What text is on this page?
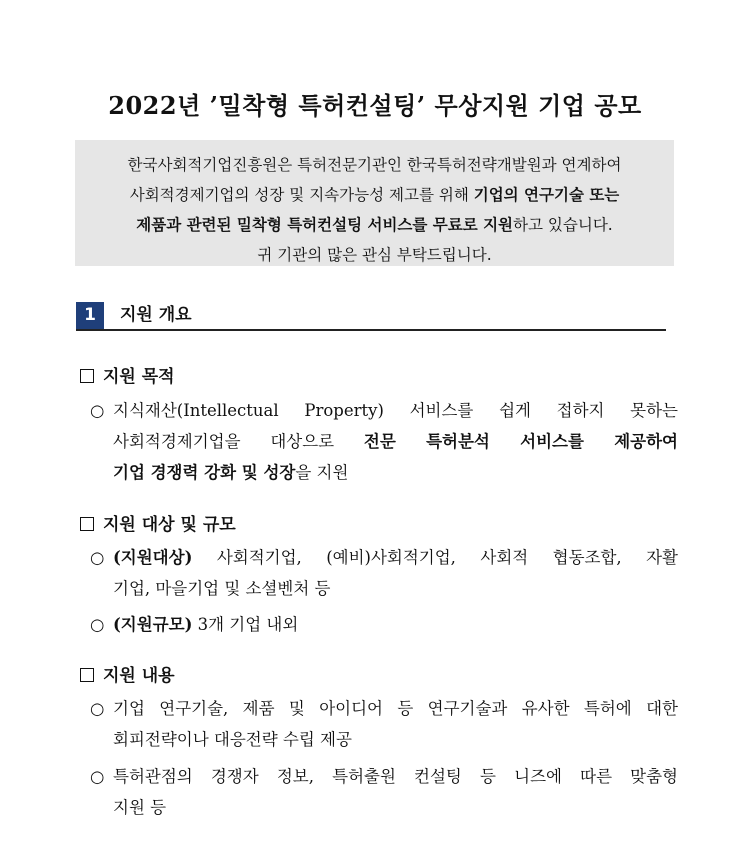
2022년 ’밀착형 특허컨설팅’ 무상지원 기업 공모

한국사회적기업진흥원은 특허전문기관인 한국특허전략개발원과 연계하여

사회적경제기업의 성장 및 지속가능성 제고를 위해 기업의 연구기술 또는

제품과 관련된 밀착형 특허컨설팅 서비스를 무료로 지원하고 있습니다.

귀 기관의 많은 관심 부탁드립니다.

1	지원 개요
지원 목적
○ 지식재산(Intellectual Property) 서비스를 쉽게 접하지 못하는
사회적경제기업을 대상으로 전문 특허분석 서비스를 제공하여
기업 경쟁력 강화 및 성장을 지원
지원 대상 및 규모
○ (지원대상) 사회적기업, (예비)사회적기업, 사회적 협동조합, 자활
기업, 마을기업 및 소셜벤처 등
○ (지원규모) 3개 기업 내외
지원 내용
○ 기업 연구기술, 제품 및 아이디어 등 연구기술과 유사한 특허에 대한
회피전략이나 대응전략 수립 제공
○ 특허관점의 경쟁자 정보, 특허출원 컨설팅 등 니즈에 따른 맞춤형
지원 등
